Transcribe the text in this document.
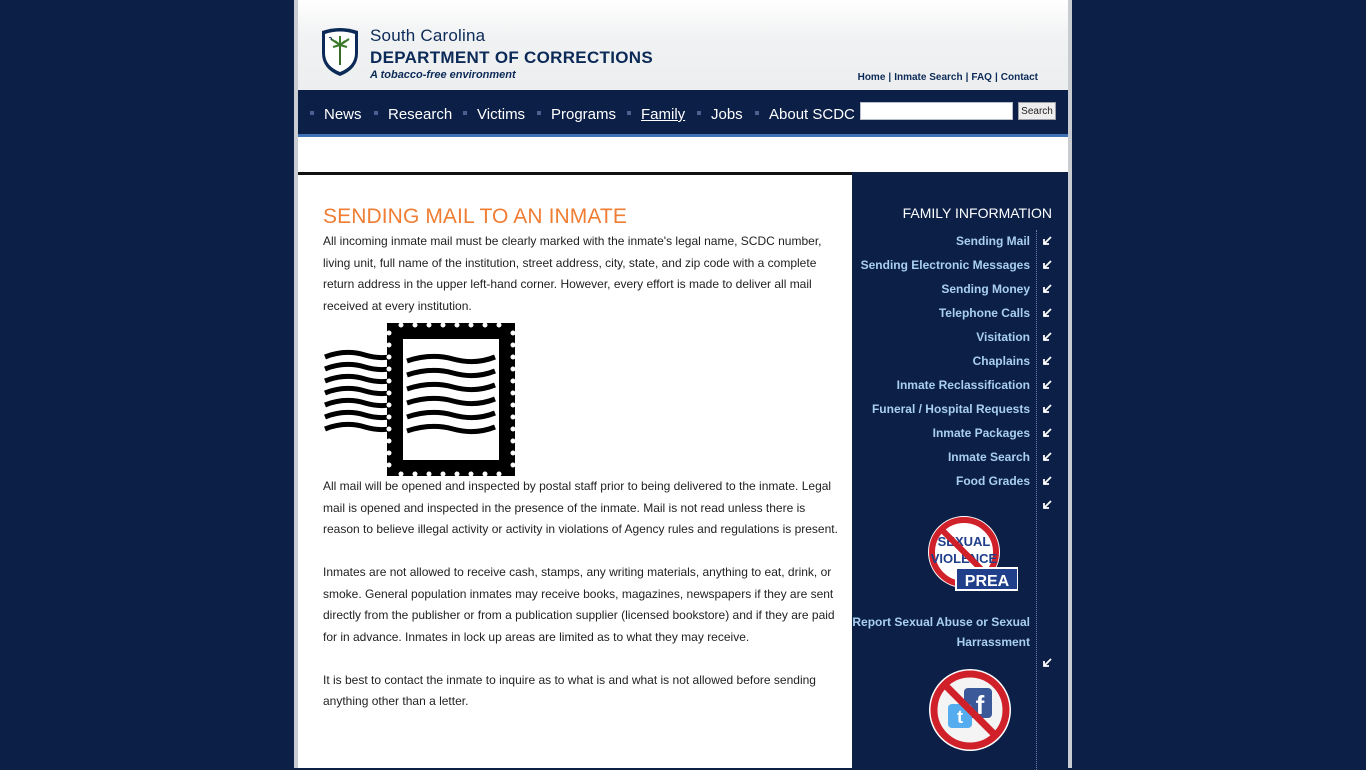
South Carolina
DEPARTMENT OF CORRECTIONS
A tobacco-free environment	Home | Inmate Search | FAQ | Contact
News	Research	Victims	Programs	Family	Jobs	About SCDC	Search
SENDING MAIL TO AN INMATE

All incoming inmate mail must be clearly marked with the inmate's legal name, SCDC number, living unit, full name of the institution, street address, city, state, and zip code with a complete return address in the upper left-hand corner. However, every effort is made to deliver all mail received at every institution.

All mail will be opened and inspected by postal staff prior to being delivered to the inmate. Legal mail is opened and inspected in the presence of the inmate. Mail is not read unless there is reason to believe illegal activity or activity in violations of Agency rules and regulations is present.

Inmates are not allowed to receive cash, stamps, any writing materials, anything to eat, drink, or smoke. General population inmates may receive books, magazines, newspapers if they are sent directly from the publisher or from a publication supplier (licensed bookstore) and if they are paid for in advance. Inmates in lock up areas are limited as to what they may receive.

It is best to contact the inmate to inquire as to what is and what is not allowed before sending anything other than a letter.

FAMILY INFORMATION
Sending Mail
Sending Electronic Messages
Sending Money
Telephone Calls
Visitation
Chaplains
Inmate Reclassification
Funeral / Hospital Requests
Inmate Packages
Inmate Search
Food Grades
SEXUAL
VIOLENCE
PREA
Report Sexual Abuse or Sexual Harrassment
f
t
